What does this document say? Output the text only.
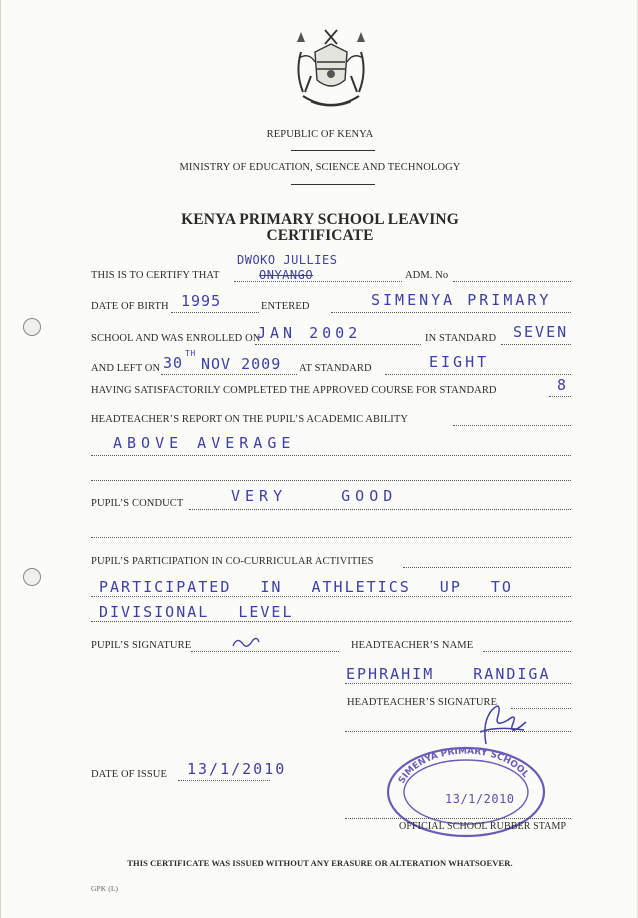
REPUBLIC OF KENYA
MINISTRY OF EDUCATION, SCIENCE AND TECHNOLOGY
KENYA PRIMARY SCHOOL LEAVING
CERTIFICATE
THIS IS TO CERTIFY THAT
DWOKO JULLIES
ONYANGO	ADM. No
DATE OF BIRTH 1995	ENTERED	SIMENYA PRIMARY
SCHOOL AND WAS ENROLLED ON
JAN 2002	IN STANDARD SEVEN
AND LEFT ON 30
TH
NOV 2009 AT STANDARD	EIGHT
HAVING SATISFACTORILY COMPLETED THE APPROVED COURSE FOR STANDARD	8
HEADTEACHER’S REPORT ON THE PUPIL’S ACADEMIC ABILITY
ABOVE AVERAGE
PUPIL’S CONDUCT	VERY GOOD
PUPIL’S PARTICIPATION IN CO-CURRICULAR ACTIVITIES
PARTICIPATED IN ATHLETICS UP TO
DIVISIONAL LEVEL
PUPIL’S SIGNATURE	HEADTEACHER’S NAME
EPHRAHIM RANDIGA
HEADTEACHER’S SIGNATURE
DATE OF ISSUE 13/1/2010
SIMENYA PRIMARY SCHOOL
13/1/2010
OFFICIAL SCHOOL RUBBER STAMP
THIS CERTIFICATE WAS ISSUED WITHOUT ANY ERASURE OR ALTERATION WHATSOEVER.
GPK (L)
